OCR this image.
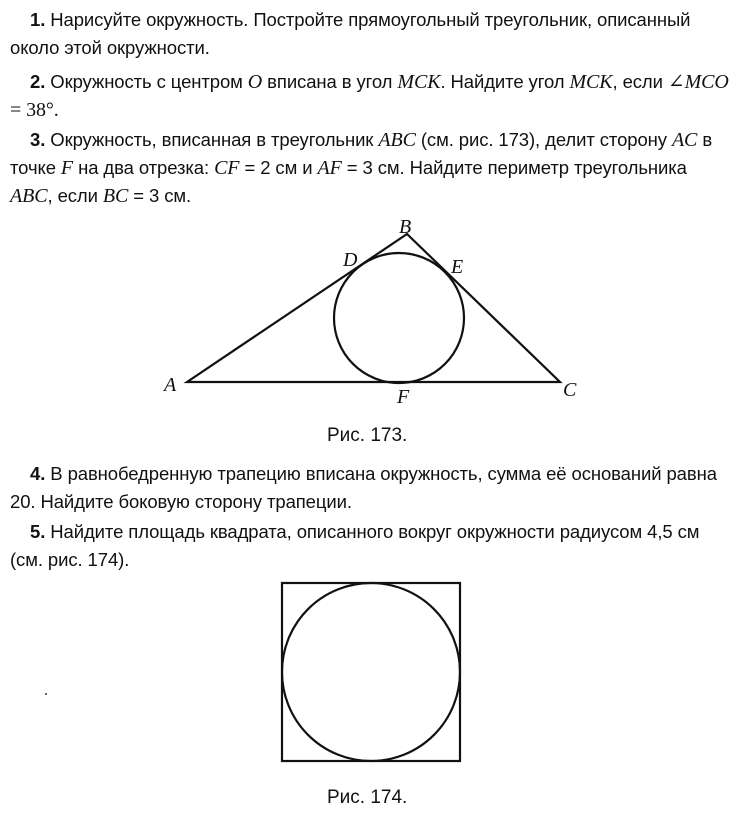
1. Нарисуйте окружность. Постройте прямоугольный треугольник, описанный около этой окружности.

2. Окружность с центром O вписана в угол MCK. Найдите угол MCK, если ∠MCO = 38°.

3. Окружность, вписанная в треугольник ABC (см. рис. 173), делит сторону AC в точке F на два отрезка: CF = 2 см и AF = 3 см. Найдите периметр треугольника ABC, если BC = 3 см.

B
D	E
A	C
F
Рис. 173.

4. В равнобедренную трапецию вписана окружность, сумма её оснований равна 20. Найдите боковую сторону трапеции.

5. Найдите площадь квадрата, описанного вокруг окружности радиусом 4,5 см (см. рис. 174).

Рис. 174.
